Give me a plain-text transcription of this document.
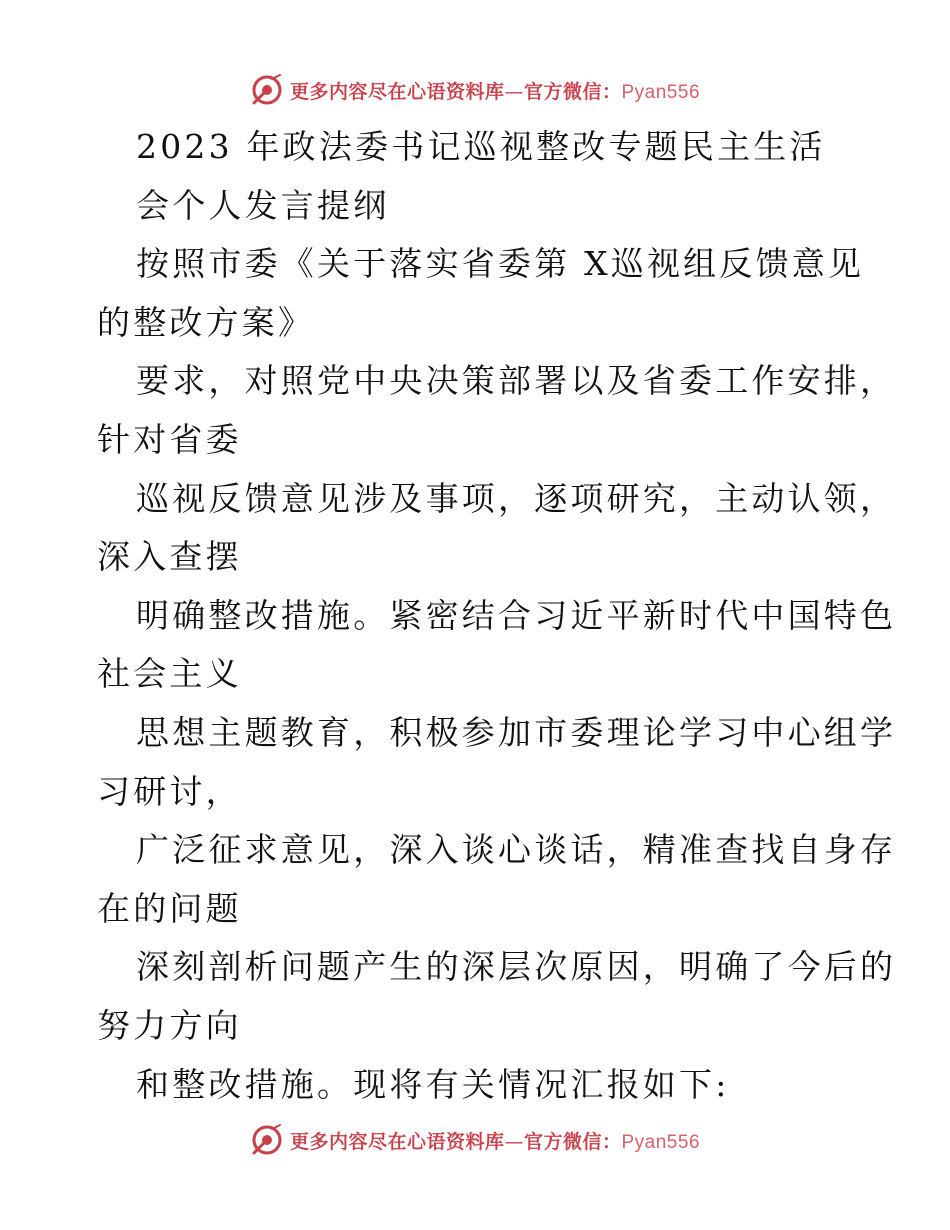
更多内容尽在心语资料库—官方微信：Pyan556
2023 年政法委书记巡视整改专题民主生活
会个人发言提纲
按照市委《关于落实省委第 X巡视组反馈意见
的整改方案》
要求，对照党中央决策部署以及省委工作安排，
针对省委
巡视反馈意见涉及事项，逐项研究，主动认领，
深入查摆
明确整改措施。紧密结合习近平新时代中国特色
社会主义
思想主题教育，积极参加市委理论学习中心组学
习研讨，
广泛征求意见，深入谈心谈话，精准查找自身存
在的问题
深刻剖析问题产生的深层次原因，明确了今后的
努力方向
和整改措施。现将有关情况汇报如下:
更多内容尽在心语资料库—官方微信：Pyan556
